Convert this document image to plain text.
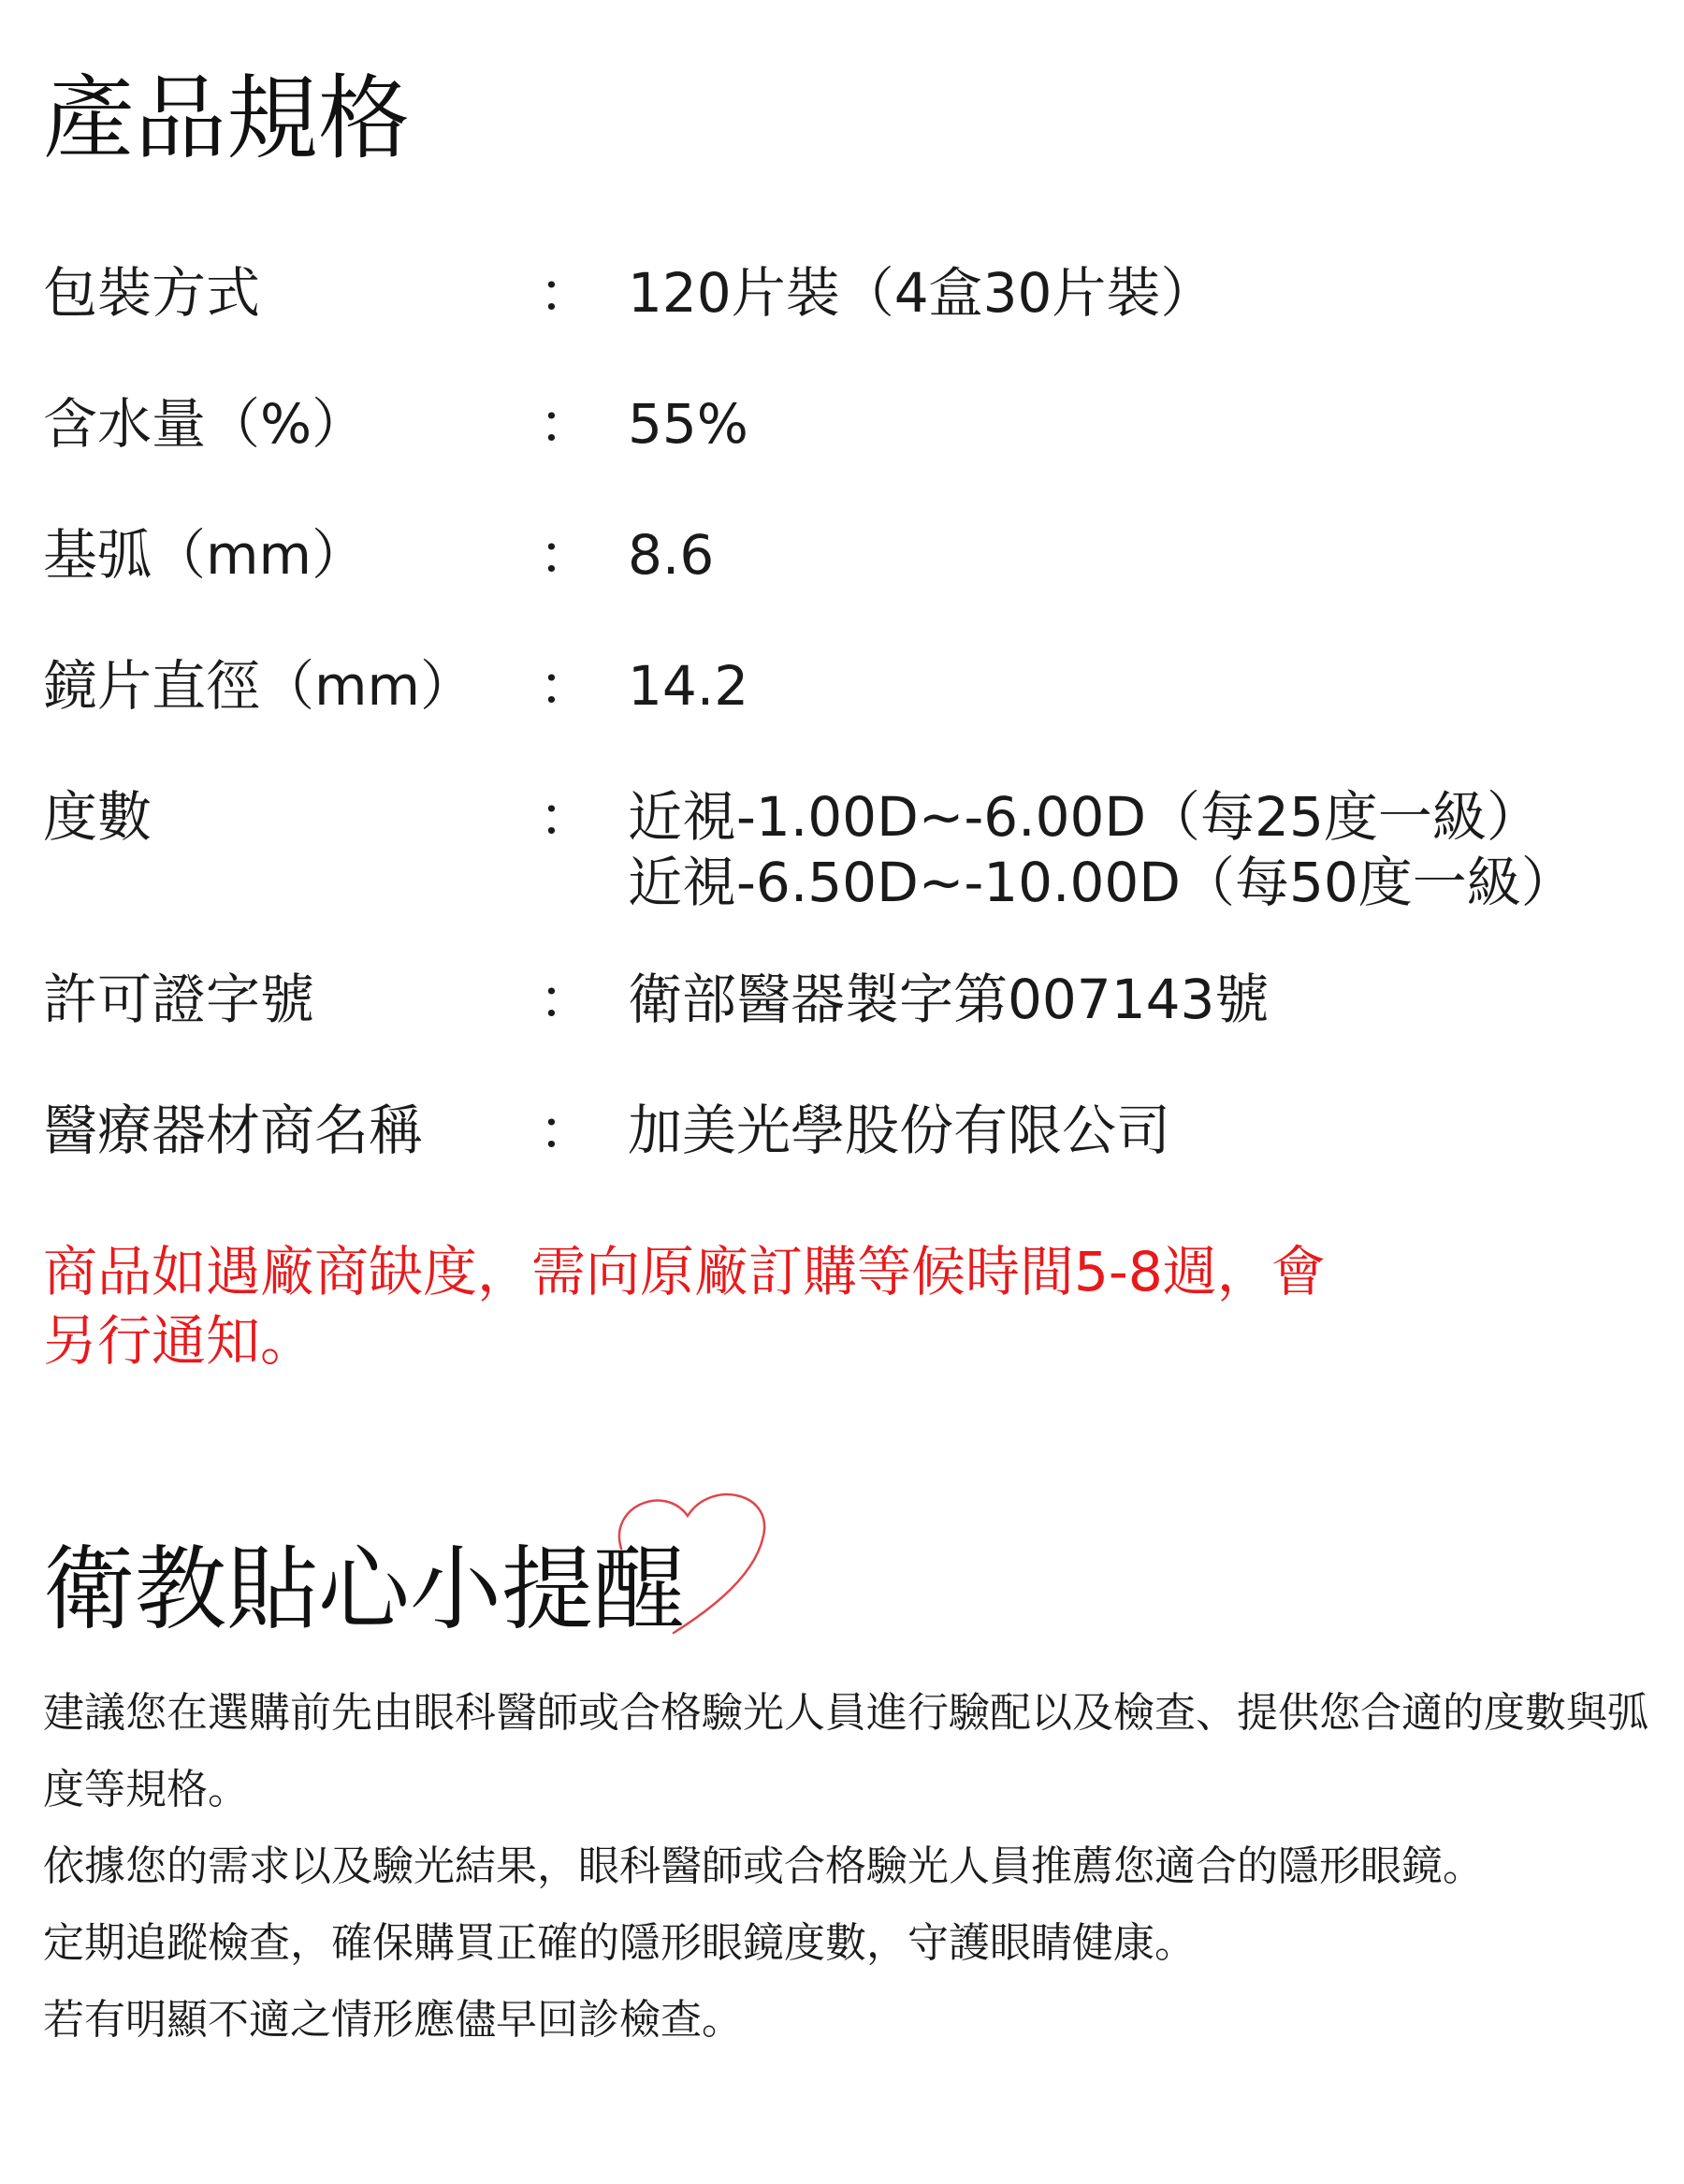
產品規格
包裝方式	： 120片裝（4盒30片裝）
含水量（%）	： 55%
基弧（mm）	： 8.6
鏡片直徑（mm） ： 14.2
度數	： 近視-1.00D~-6.00D（每25度一級）
近視-6.50D~-10.00D（每50度一級）
許可證字號	： 衛部醫器製字第007143號
醫療器材商名稱 ： 加美光學股份有限公司

商品如遇廠商缺度，需向原廠訂購等候時間5-8週，會另行通知。

衛教貼心小提醒

建議您在選購前先由眼科醫師或合格驗光人員進行驗配以及檢查、提供您合適的度數與弧度等規格。

依據您的需求以及驗光結果，眼科醫師或合格驗光人員推薦您適合的隱形眼鏡。

定期追蹤檢查，確保購買正確的隱形眼鏡度數，守護眼睛健康。

若有明顯不適之情形應儘早回診檢查。
